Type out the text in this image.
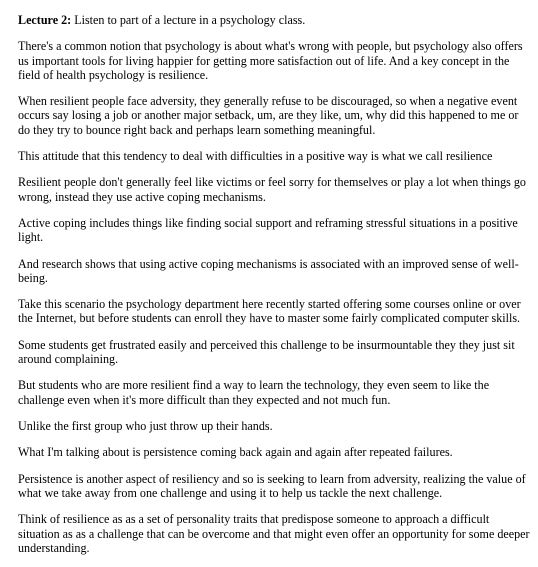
Lecture 2: Listen to part of a lecture in a psychology class.

There's a common notion that psychology is about what's wrong with people, but psychology also offers us important tools for living happier for getting more satisfaction out of life. And a key concept in the field of health psychology is resilience.

When resilient people face adversity, they generally refuse to be discouraged, so when a negative event occurs say losing a job or another major setback, um, are they like, um, why did this happened to me or do they try to bounce right back and perhaps learn something meaningful.

This attitude that this tendency to deal with difficulties in a positive way is what we call resilience

Resilient people don't generally feel like victims or feel sorry for themselves or play a lot when things go wrong, instead they use active coping mechanisms.

Active coping includes things like finding social support and reframing stressful situations in a positive light.

And research shows that using active coping mechanisms is associated with an improved sense of well-being.

Take this scenario the psychology department here recently started offering some courses online or over the Internet, but before students can enroll they have to master some fairly complicated computer skills.

Some students get frustrated easily and perceived this challenge to be insurmountable they they just sit around complaining.

But students who are more resilient find a way to learn the technology, they even seem to like the challenge even when it's more difficult than they expected and not much fun.

Unlike the first group who just throw up their hands.

What I'm talking about is persistence coming back again and again after repeated failures.

Persistence is another aspect of resiliency and so is seeking to learn from adversity, realizing the value of what we take away from one challenge and using it to help us tackle the next challenge.

Think of resilience as as a set of personality traits that predispose someone to approach a difficult situation as as a challenge that can be overcome and that might even offer an opportunity for some deeper understanding.
